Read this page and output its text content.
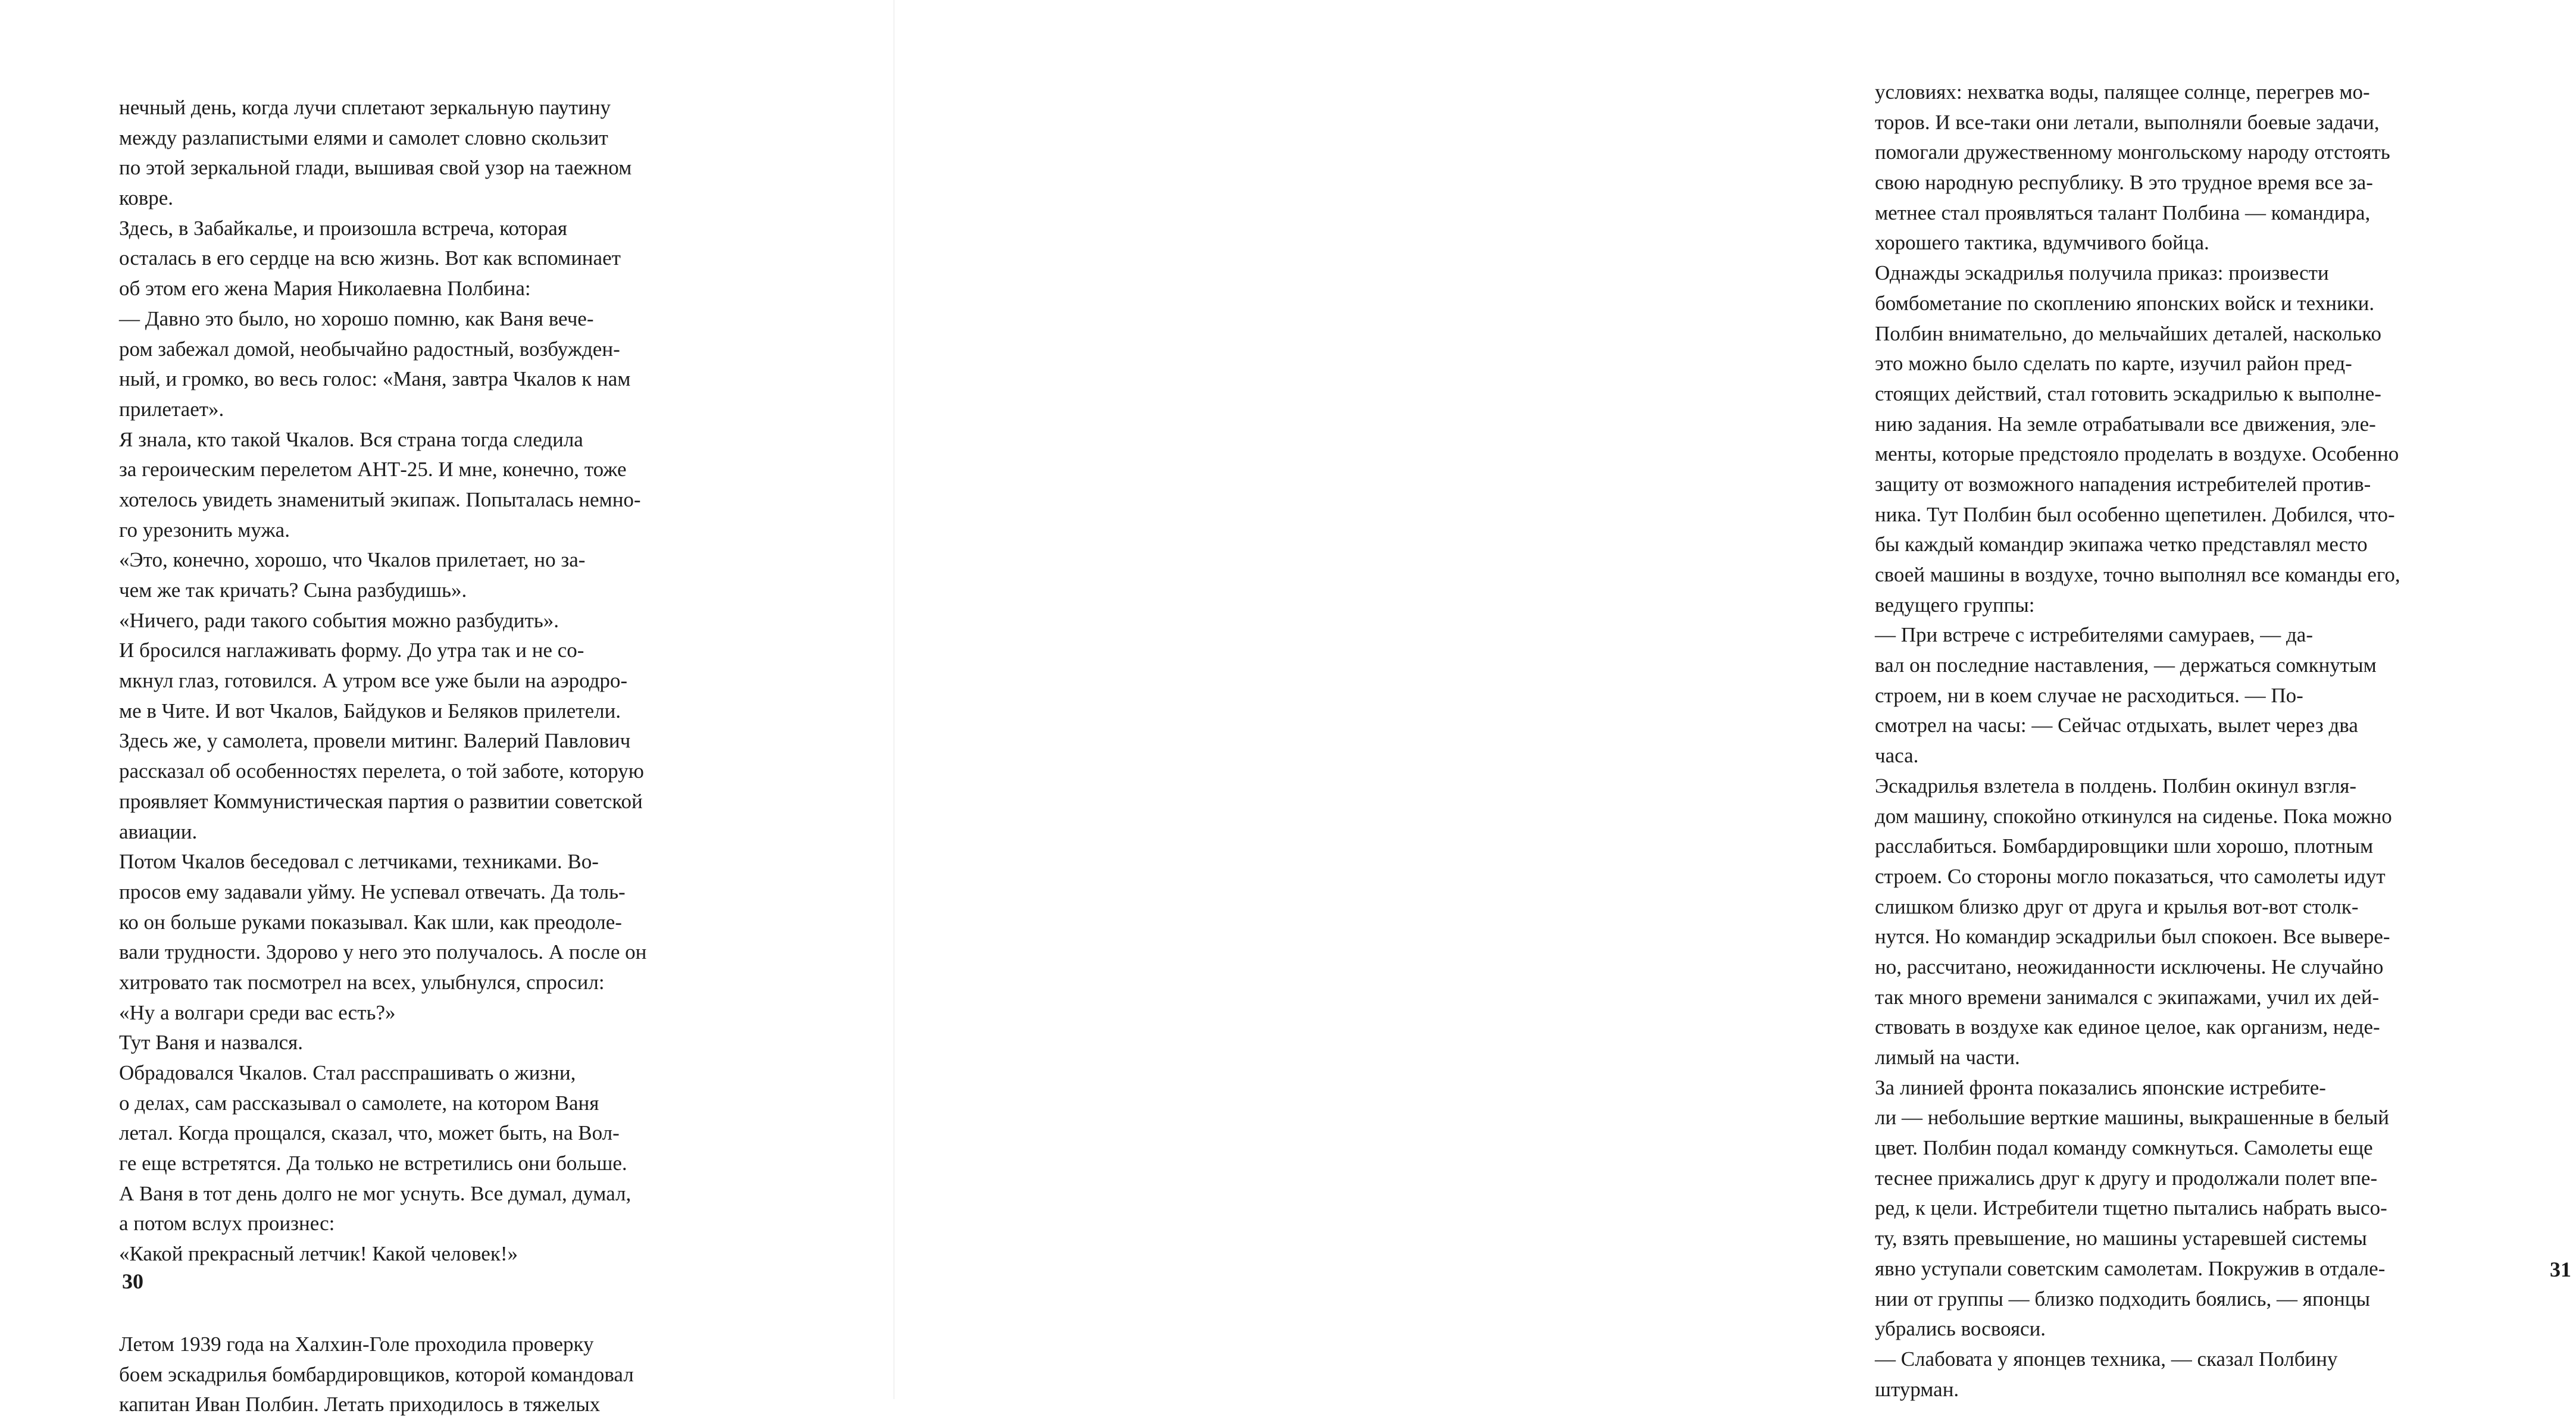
нечный день, когда лучи сплетают зеркальную паутину
между разлапистыми елями и самолет словно скользит
по этой зеркальной глади, вышивая свой узор на таежном
ковре.
Здесь, в Забайкалье, и произошла встреча, которая
осталась в его сердце на всю жизнь. Вот как вспоминает
об этом его жена Мария Николаевна Полбина:
— Давно это было, но хорошо помню, как Ваня вече-
ром забежал домой, необычайно радостный, возбужден-
ный, и громко, во весь голос: «Маня, завтра Чкалов к нам
прилетает».
Я знала, кто такой Чкалов. Вся страна тогда следила
за героическим перелетом АНТ-25. И мне, конечно, тоже
хотелось увидеть знаменитый экипаж. Попыталась немно-
го урезонить мужа.
«Это, конечно, хорошо, что Чкалов прилетает, но за-
чем же так кричать? Сына разбудишь».
«Ничего, ради такого события можно разбудить».
И бросился наглаживать форму. До утра так и не со-
мкнул глаз, готовился. А утром все уже были на аэродро-
ме в Чите. И вот Чкалов, Байдуков и Беляков прилетели.
Здесь же, у самолета, провели митинг. Валерий Павлович
рассказал об особенностях перелета, о той заботе, которую
проявляет Коммунистическая партия о развитии советской
авиации.
Потом Чкалов беседовал с летчиками, техниками. Во-
просов ему задавали уйму. Не успевал отвечать. Да толь-
ко он больше руками показывал. Как шли, как преодоле-
вали трудности. Здорово у него это получалось. А после он
хитровато так посмотрел на всех, улыбнулся, спросил:
«Ну а волгари среди вас есть?»
Тут Ваня и назвался.
Обрадовался Чкалов. Стал расспрашивать о жизни,
о делах, сам рассказывал о самолете, на котором Ваня
летал. Когда прощался, сказал, что, может быть, на Вол-
ге еще встретятся. Да только не встретились они больше.
А Ваня в тот день долго не мог уснуть. Все думал, думал,
а потом вслух произнес:
«Какой прекрасный летчик! Какой человек!»
Летом 1939 года на Халхин-Голе проходила проверку
боем эскадрилья бомбардировщиков, которой командовал
капитан Иван Полбин. Летать приходилось в тяжелых
30
условиях: нехватка воды, палящее солнце, перегрев мо-
торов. И все-таки они летали, выполняли боевые задачи,
помогали дружественному монгольскому народу отстоять
свою народную республику. В это трудное время все за-
метнее стал проявляться талант Полбина — командира,
хорошего тактика, вдумчивого бойца.
Однажды эскадрилья получила приказ: произвести
бомбометание по скоплению японских войск и техники.
Полбин внимательно, до мельчайших деталей, насколько
это можно было сделать по карте, изучил район пред-
стоящих действий, стал готовить эскадрилью к выполне-
нию задания. На земле отрабатывали все движения, эле-
менты, которые предстояло проделать в воздухе. Особенно
защиту от возможного нападения истребителей против-
ника. Тут Полбин был особенно щепетилен. Добился, что-
бы каждый командир экипажа четко представлял место
своей машины в воздухе, точно выполнял все команды его,
ведущего группы:
— При встрече с истребителями самураев, — да-
вал он последние наставления, — держаться сомкнутым
строем, ни в коем случае не расходиться. — По-
смотрел на часы: — Сейчас отдыхать, вылет через два
часа.
Эскадрилья взлетела в полдень. Полбин окинул взгля-
дом машину, спокойно откинулся на сиденье. Пока можно
расслабиться. Бомбардировщики шли хорошо, плотным
строем. Со стороны могло показаться, что самолеты идут
слишком близко друг от друга и крылья вот-вот столк-
нутся. Но командир эскадрильи был спокоен. Все вывере-
но, рассчитано, неожиданности исключены. Не случайно
так много времени занимался с экипажами, учил их дей-
ствовать в воздухе как единое целое, как организм, неде-
лимый на части.
За линией фронта показались японские истребите-
ли — небольшие верткие машины, выкрашенные в белый
цвет. Полбин подал команду сомкнуться. Самолеты еще
теснее прижались друг к другу и продолжали полет впе-
ред, к цели. Истребители тщетно пытались набрать высо-
ту, взять превышение, но машины устаревшей системы
явно уступали советским самолетам. Покружив в отдале-
нии от группы — близко подходить боялись, — японцы
убрались восвояси.
— Слабовата у японцев техника, — сказал Полбину
штурман.
31
